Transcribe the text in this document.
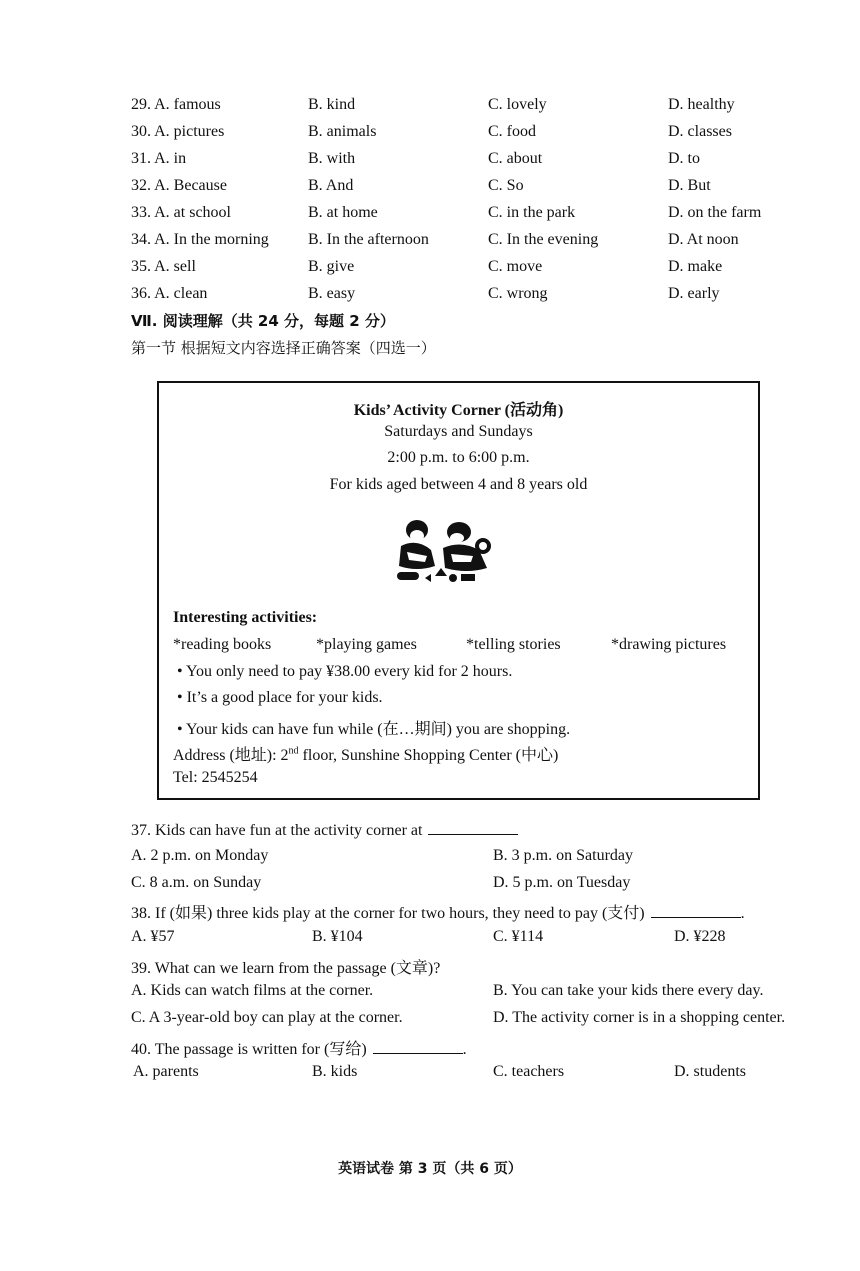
29. A. famous	B. kind	C. lovely	D. healthy
30. A. pictures	B. animals	C. food	D. classes
31. A. in	B. with	C. about	D. to
32. A. Because	B. And	C. So	D. But
33. A. at school	B. at home	C. in the park	D. on the farm
34. A. In the morning B. In the afternoon	C. In the evening	D. At noon
35. A. sell	B. give	C. move	D. make
36. A. clean	B. easy	C. wrong	D. early
Ⅶ. 阅读理解（共 24 分，每题 2 分）
第一节 根据短文内容选择正确答案（四选一）
Kids’ Activity Corner (活动角)
Saturdays and Sundays
2:00 p.m. to 6:00 p.m.
For kids aged between 4 and 8 years old
Interesting activities:
*reading books	*playing games	*telling stories	*drawing pictures
• You only need to pay ¥38.00 every kid for 2 hours.
• It’s a good place for your kids.
• Your kids can have fun while (在…期间) you are shopping.
Address (地址): 2nd floor, Sunshine Shopping Center (中心)
Tel: 2545254
37. Kids can have fun at the activity corner at
A. 2 p.m. on Monday	B. 3 p.m. on Saturday
C. 8 a.m. on Sunday	D. 5 p.m. on Tuesday
38. If (如果) three kids play at the corner for two hours, they need to pay (支付)	.
A. ¥57	B. ¥104	C. ¥114	D. ¥228
39. What can we learn from the passage (文章)?
A. Kids can watch films at the corner.	B. You can take your kids there every day.
C. A 3-year-old boy can play at the corner.	D. The activity corner is in a shopping center.
40. The passage is written for (写给)	.
A. parents	B. kids	C. teachers	D. students
英语试卷 第 3 页（共 6 页）
